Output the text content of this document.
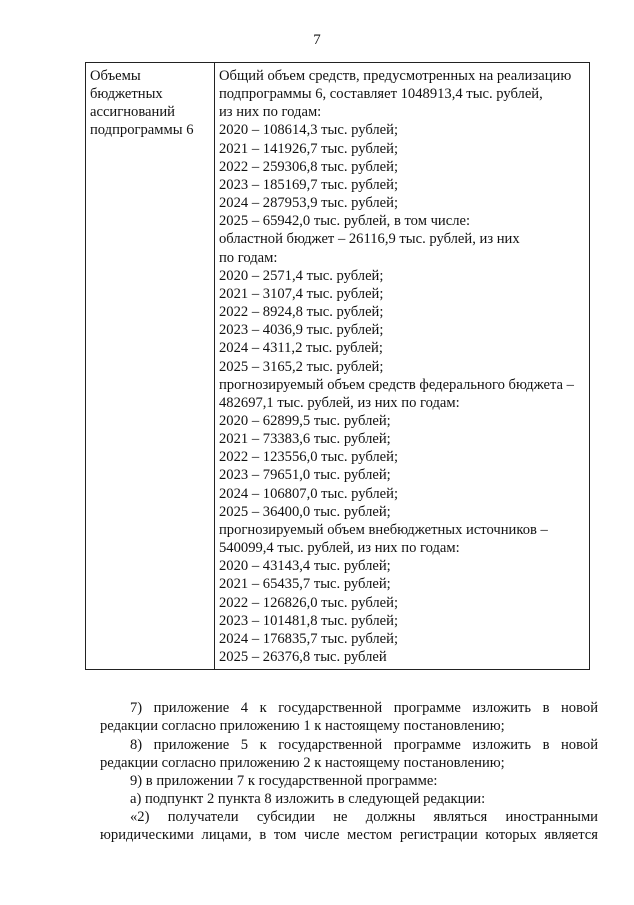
7
Объемы
бюджетных
ассигнований
подпрограммы 6

Общий объем средств, предусмотренных на реализацию
подпрограммы 6, составляет 1048913,4 тыс. рублей,
из них по годам:
2020 – 108614,3 тыс. рублей;
2021 – 141926,7 тыс. рублей;
2022 – 259306,8 тыс. рублей;
2023 – 185169,7 тыс. рублей;
2024 – 287953,9 тыс. рублей;
2025 – 65942,0 тыс. рублей, в том числе:
областной бюджет – 26116,9 тыс. рублей, из них
по годам:
2020 – 2571,4 тыс. рублей;
2021 – 3107,4 тыс. рублей;
2022 – 8924,8 тыс. рублей;
2023 – 4036,9 тыс. рублей;
2024 – 4311,2 тыс. рублей;
2025 – 3165,2 тыс. рублей;
прогнозируемый объем средств федерального бюджета –
482697,1 тыс. рублей, из них по годам:
2020 – 62899,5 тыс. рублей;
2021 – 73383,6 тыс. рублей;
2022 – 123556,0 тыс. рублей;
2023 – 79651,0 тыс. рублей;
2024 – 106807,0 тыс. рублей;
2025 – 36400,0 тыс. рублей;
прогнозируемый объем внебюджетных источников –
540099,4 тыс. рублей, из них по годам:
2020 – 43143,4 тыс. рублей;
2021 – 65435,7 тыс. рублей;
2022 – 126826,0 тыс. рублей;
2023 – 101481,8 тыс. рублей;
2024 – 176835,7 тыс. рублей;
2025 – 26376,8 тыс. рублей
7) приложение 4 к государственной программе изложить в новой
редакции согласно приложению 1 к настоящему постановлению;
8) приложение 5 к государственной программе изложить в новой
редакции согласно приложению 2 к настоящему постановлению;
9) в приложении 7 к государственной программе:
а) подпункт 2 пункта 8 изложить в следующей редакции:
«2) получатели субсидии не должны являться иностранными
юридическими лицами, в том числе местом регистрации которых является
